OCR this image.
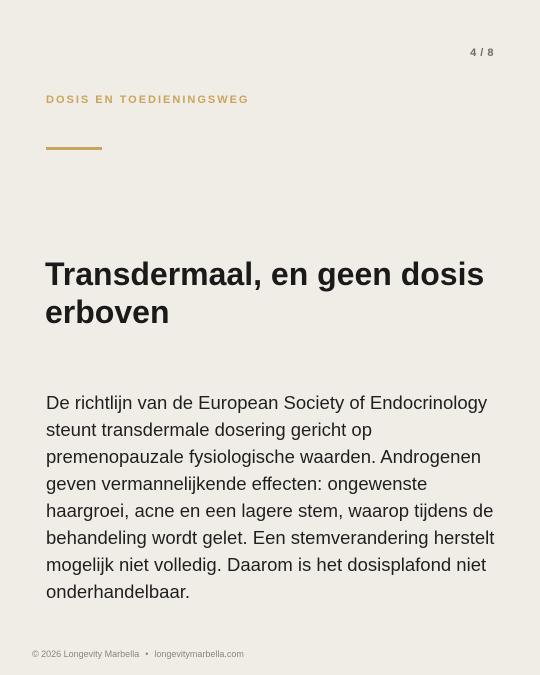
4 / 8
DOSIS EN TOEDIENINGSWEG
Transdermaal, en geen dosis erboven

De richtlijn van de European Society of Endocrinology steunt transdermale dosering gericht op premenopauzale fysiologische waarden. Androgenen geven vermannelijkende effecten: ongewenste haargroei, acne en een lagere stem, waarop tijdens de behandeling wordt gelet. Een stemverandering herstelt mogelijk niet volledig. Daarom is het dosisplafond niet onderhandelbaar.

© 2026 Longevity Marbella • longevitymarbella.com
